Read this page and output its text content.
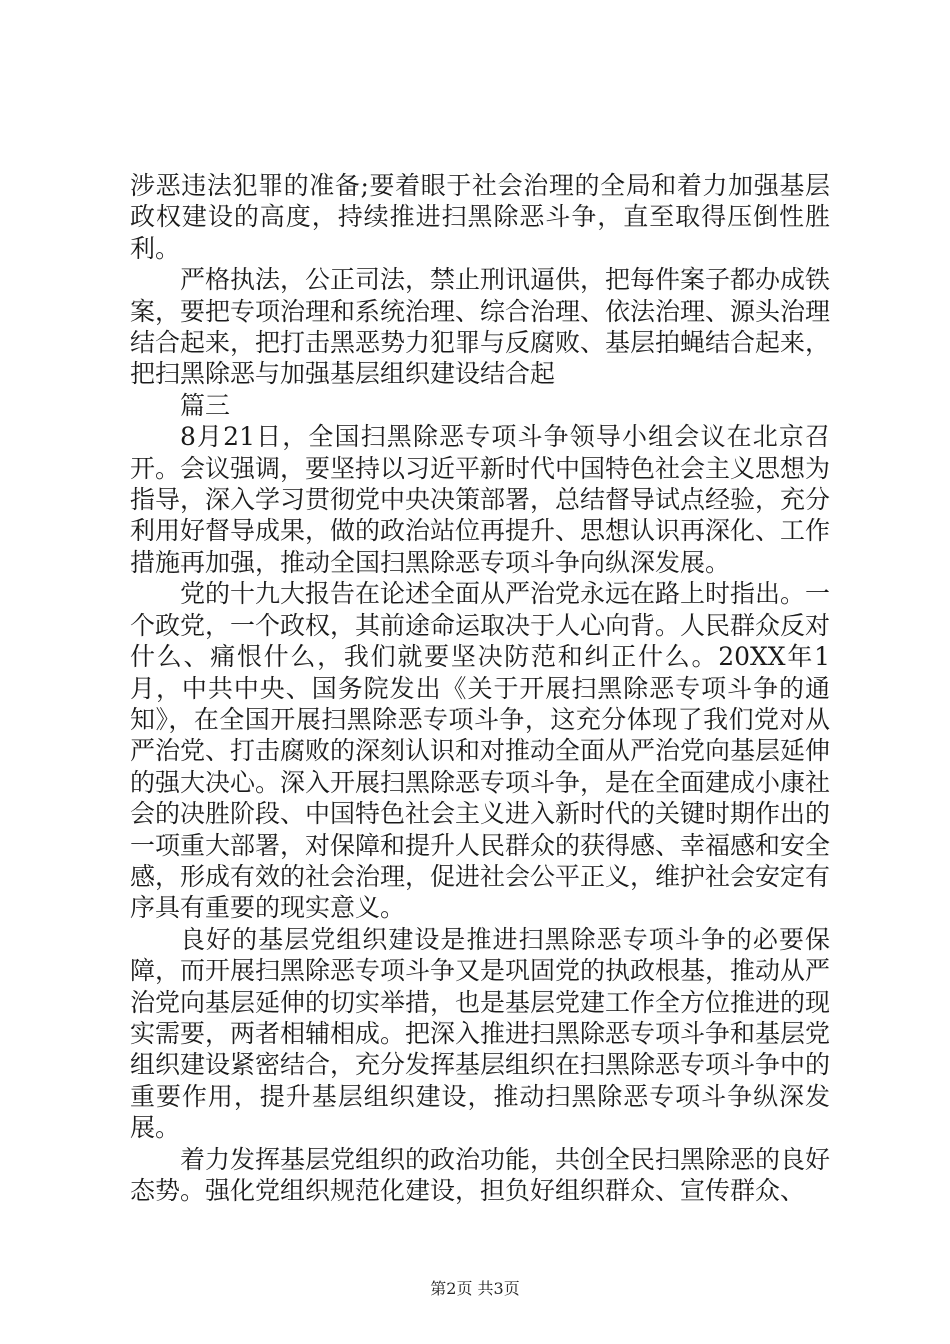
涉恶违法犯罪的准备;要着眼于社会治理的全局和着力加强基层政权建设的高度，持续推进扫黑除恶斗争，直至取得压倒性胜利。

严格执法，公正司法，禁止刑讯逼供，把每件案子都办成铁案，要把专项治理和系统治理、综合治理、依法治理、源头治理结合起来，把打击黑恶势力犯罪与反腐败、基层拍蝇结合起来，把扫黑除恶与加强基层组织建设结合起

篇三

8月21日，全国扫黑除恶专项斗争领导小组会议在北京召开。会议强调，要坚持以习近平新时代中国特色社会主义思想为指导，深入学习贯彻党中央决策部署，总结督导试点经验，充分利用好督导成果，做的政治站位再提升、思想认识再深化、工作措施再加强，推动全国扫黑除恶专项斗争向纵深发展。

党的十九大报告在论述全面从严治党永远在路上时指出。一个政党，一个政权，其前途命运取决于人心向背。人民群众反对什么、痛恨什么，我们就要坚决防范和纠正什么。20XX年1月，中共中央、国务院发出《关于开展扫黑除恶专项斗争的通知》，在全国开展扫黑除恶专项斗争，这充分体现了我们党对从严治党、打击腐败的深刻认识和对推动全面从严治党向基层延伸的强大决心。深入开展扫黑除恶专项斗争，是在全面建成小康社会的决胜阶段、中国特色社会主义进入新时代的关键时期作出的一项重大部署，对保障和提升人民群众的获得感、幸福感和安全感，形成有效的社会治理，促进社会公平正义，维护社会安定有序具有重要的现实意义。

良好的基层党组织建设是推进扫黑除恶专项斗争的必要保障，而开展扫黑除恶专项斗争又是巩固党的执政根基，推动从严治党向基层延伸的切实举措，也是基层党建工作全方位推进的现实需要，两者相辅相成。把深入推进扫黑除恶专项斗争和基层党组织建设紧密结合，充分发挥基层组织在扫黑除恶专项斗争中的重要作用，提升基层组织建设，推动扫黑除恶专项斗争纵深发展。

着力发挥基层党组织的政治功能，共创全民扫黑除恶的良好态势。强化党组织规范化建设，担负好组织群众、宣传群众、

第2页 共3页
